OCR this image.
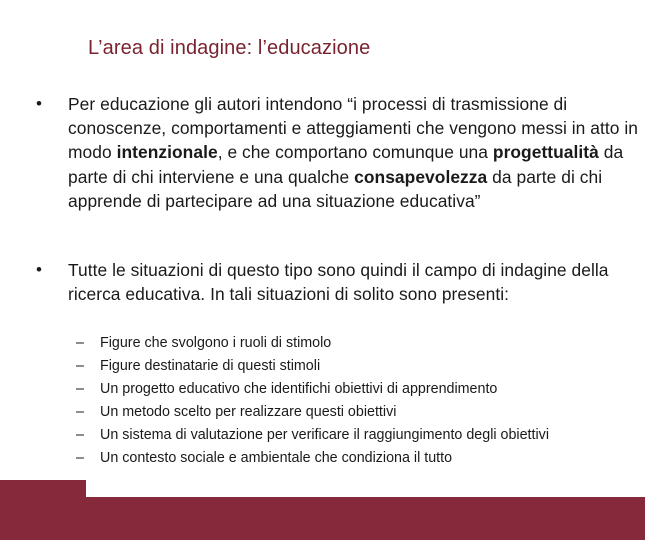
L’area di indagine: l’educazione
• Per educazione gli autori intendono “i processi di trasmissione di conoscenze, comportamenti e atteggiamenti che vengono messi in atto in modo intenzionale, e che comportano comunque una progettualità da parte di chi interviene e una qualche consapevolezza da parte di chi apprende di partecipare ad una situazione educativa”
• Tutte le situazioni di questo tipo sono quindi il campo di indagine della ricerca educativa. In tali situazioni di solito sono presenti:
– Figure che svolgono i ruoli di stimolo
– Figure destinatarie di questi stimoli
– Un progetto educativo che identifichi obiettivi di apprendimento
– Un metodo scelto per realizzare questi obiettivi
– Un sistema di valutazione per verificare il raggiungimento degli obiettivi
– Un contesto sociale e ambientale che condiziona il tutto
